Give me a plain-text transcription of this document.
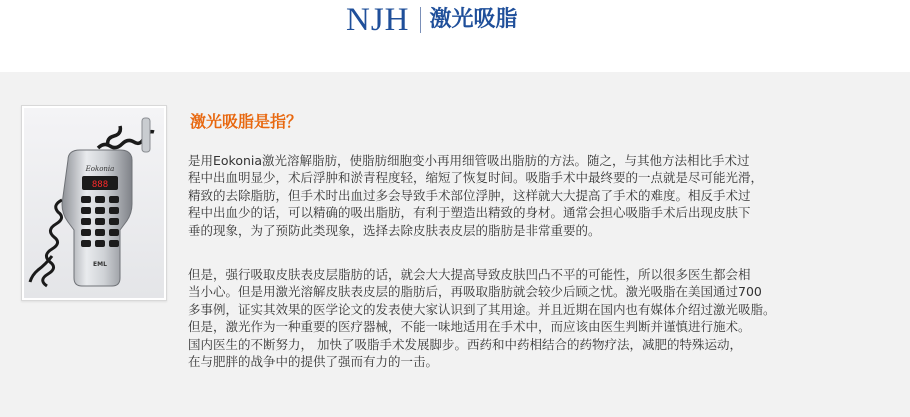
NJH 激光吸脂
Eokonia
888
EML
激光吸脂是指？
是用Eokonia激光溶解脂肪，使脂肪细胞变小再用细管吸出脂肪的方法。随之，与其他方法相比手术过
程中出血明显少，术后浮肿和淤青程度轻，缩短了恢复时间。吸脂手术中最终要的一点就是尽可能光滑，
精致的去除脂肪，但手术时出血过多会导致手术部位浮肿，这样就大大提高了手术的难度。相反手术过
程中出血少的话，可以精确的吸出脂肪，有利于塑造出精致的身材。通常会担心吸脂手术后出现皮肤下
垂的现象，为了预防此类现象，选择去除皮肤表皮层的脂肪是非常重要的。
但是，强行吸取皮肤表皮层脂肪的话，就会大大提高导致皮肤凹凸不平的可能性，所以很多医生都会相
当小心。但是用激光溶解皮肤表皮层的脂肪后，再吸取脂肪就会较少后顾之忧。激光吸脂在美国通过700
多事例，证实其效果的医学论文的发表使大家认识到了其用途。并且近期在国内也有媒体介绍过激光吸脂。
但是，激光作为一种重要的医疗器械，不能一味地适用在手术中，而应该由医生判断并谨慎进行施术。
国内医生的不断努力， 加快了吸脂手术发展脚步。西药和中药相结合的药物疗法，减肥的特殊运动，
在与肥胖的战争中的提供了强而有力的一击。
